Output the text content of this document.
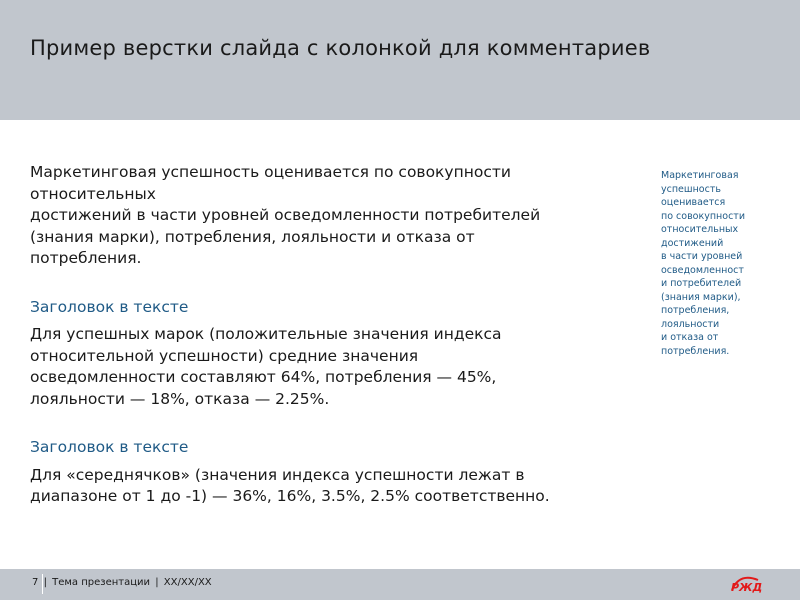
Пример верстки слайда с колонкой для комментариев

Маркетинговая успешность оценивается по совокупности
относительных
достижений в части уровней осведомленности потребителей
(знания марки), потребления, лояльности и отказа от
потребления.

Заголовок в тексте

Для успешных марок (положительные значения индекса
относительной успешности) средние значения
осведомленности составляют 64%, потребления — 45%,
лояльности — 18%, отказа — 2.25%.

Заголовок в тексте

Для «середнячков» (значения индекса успешности лежат в
диапазоне от 1 до -1) — 36%, 16%, 3.5%, 2.5% соответственно.

Маркетинговая
успешность
оценивается
по совокупности
относительных
достижений
в части уровней
осведомленност
и потребителей
(знания марки),
потребления,
лояльности
и отказа от
потребления.
7 | Тема презентации | XX/XX/XX	РЖД
